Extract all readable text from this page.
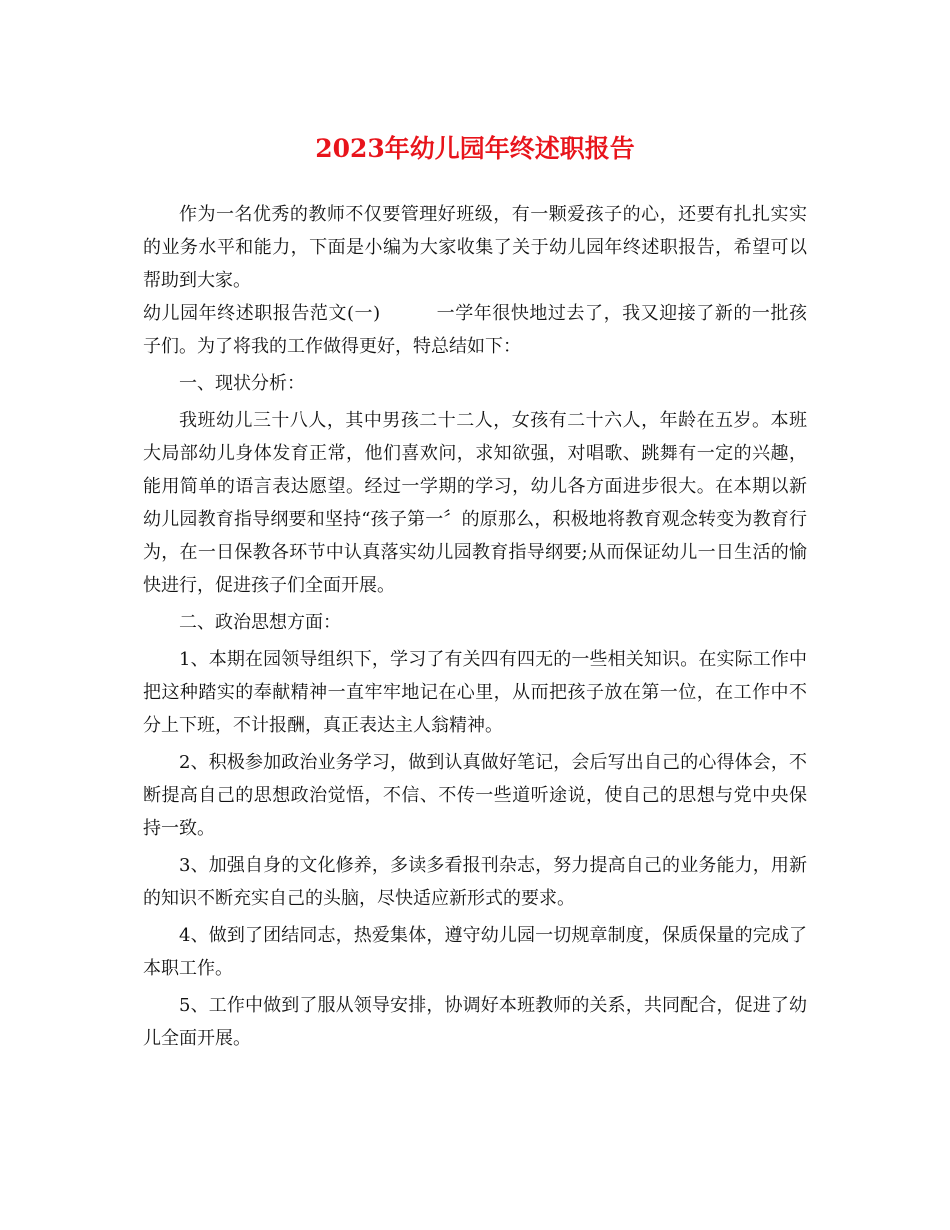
2023年幼儿园年终述职报告

作为一名优秀的教师不仅要管理好班级，有一颗爱孩子的心，还要有扎扎实实的业务水平和能力，下面是小编为大家收集了关于幼儿园年终述职报告，希望可以帮助到大家。

幼儿园年终述职报告范文(一)	一学年很快地过去了，我又迎接了新的一批孩子们。为了将我的工作做得更好，特总结如下：

一、现状分析：

我班幼儿三十八人，其中男孩二十二人，女孩有二十六人，年龄在五岁。本班大局部幼儿身体发育正常，他们喜欢问，求知欲强，对唱歌、跳舞有一定的兴趣，能用简单的语言表达愿望。经过一学期的学习，幼儿各方面进步很大。在本期以新幼儿园教育指导纲要和坚持“孩子第一〞的原那么，积极地将教育观念转变为教育行为，在一日保教各环节中认真落实幼儿园教育指导纲要;从而保证幼儿一日生活的愉快进行，促进孩子们全面开展。

二、政治思想方面：

1、本期在园领导组织下，学习了有关四有四无的一些相关知识。在实际工作中把这种踏实的奉献精神一直牢牢地记在心里，从而把孩子放在第一位，在工作中不分上下班，不计报酬，真正表达主人翁精神。

2、积极参加政治业务学习，做到认真做好笔记，会后写出自己的心得体会，不断提高自己的思想政治觉悟，不信、不传一些道听途说，使自己的思想与党中央保持一致。

3、加强自身的文化修养，多读多看报刊杂志，努力提高自己的业务能力，用新的知识不断充实自己的头脑，尽快适应新形式的要求。

4、做到了团结同志，热爱集体，遵守幼儿园一切规章制度，保质保量的完成了本职工作。

5、工作中做到了服从领导安排，协调好本班教师的关系，共同配合，促进了幼儿全面开展。
